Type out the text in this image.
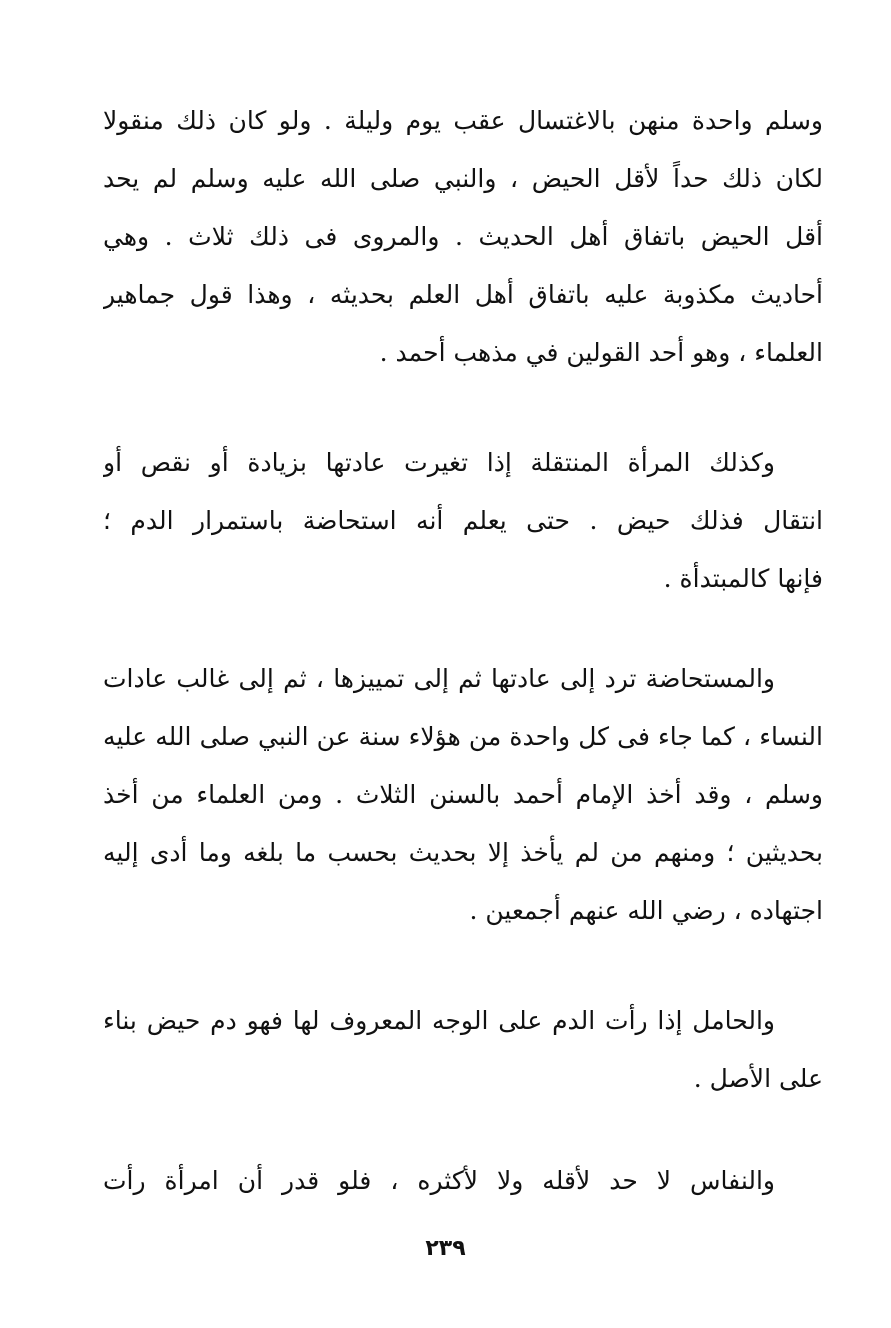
وسلم واحدة منهن بالاغتسال عقب يوم وليلة . ولو كان ذلك منقولا
لكان ذلك حداً لأقل الحيض ، والنبي صلى الله عليه وسلم لم يحد
أقل الحيض باتفاق أهل الحديث . والمروى فى ذلك ثلاث . وهي
أحاديث مكذوبة عليه باتفاق أهل العلم بحديثه ، وهذا قول جماهير
العلماء ، وهو أحد القولين في مذهب أحمد .
وكذلك المرأة المنتقلة إذا تغيرت عادتها بزيادة أو نقص أو
انتقال فذلك حيض . حتى يعلم أنه استحاضة باستمرار الدم ؛
فإنها كالمبتدأة .
والمستحاضة ترد إلى عادتها ثم إلى تمييزها ، ثم إلى غالب عادات
النساء ، كما جاء فى كل واحدة من هؤلاء سنة عن النبي صلى الله عليه
وسلم ، وقد أخذ الإمام أحمد بالسنن الثلاث . ومن العلماء من أخذ
بحديثين ؛ ومنهم من لم يأخذ إلا بحديث بحسب ما بلغه وما أدى إليه
اجتهاده ، رضي الله عنهم أجمعين .
والحامل إذا رأت الدم على الوجه المعروف لها فهو دم حيض بناء
على الأصل .
والنفاس لا حد لأقله ولا لأكثره ، فلو قدر أن امرأة رأت
٢٣٩
